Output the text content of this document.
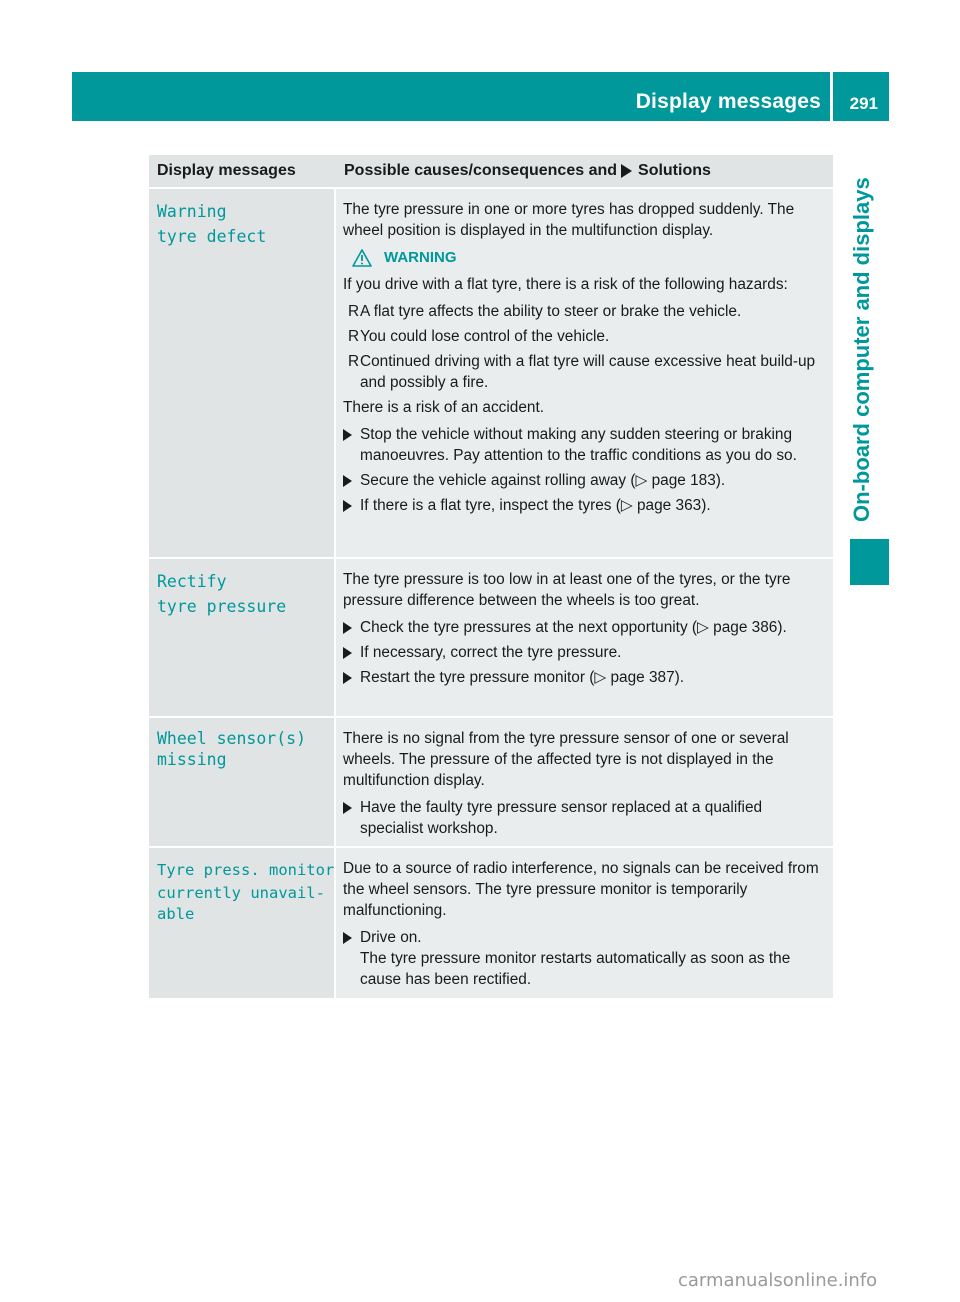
Display messages 291
On-board computer and displays
Display messages	Possible causes/consequences and Solutions
Warning
tyre defect
The tyre pressure in one or more tyres has dropped suddenly. The wheel position is displayed in the multifunction display.
WARNING
If you drive with a flat tyre, there is a risk of the following hazards:
R A flat tyre affects the ability to steer or brake the vehicle.
R You could lose control of the vehicle.
R Continued driving with a flat tyre will cause excessive heat build-up and possibly a fire.
There is a risk of an accident.
Stop the vehicle without making any sudden steering or braking manoeuvres. Pay attention to the traffic conditions as you do so.
Secure the vehicle against rolling away (▷ page 183).
If there is a flat tyre, inspect the tyres (▷ page 363).
Rectify
tyre pressure
The tyre pressure is too low in at least one of the tyres, or the tyre pressure difference between the wheels is too great.
Check the tyre pressures at the next opportunity (▷ page 386).
If necessary, correct the tyre pressure.
Restart the tyre pressure monitor (▷ page 387).
Wheel sensor(s)
missing
There is no signal from the tyre pressure sensor of one or several wheels. The pressure of the affected tyre is not displayed in the multifunction display.
Have the faulty tyre pressure sensor replaced at a qualified specialist workshop.
Tyre press. monitor
currently unavail‐
able
Due to a source of radio interference, no signals can be received from the wheel sensors. The tyre pressure monitor is temporarily malfunctioning.
Drive on.
The tyre pressure monitor restarts automatically as soon as the cause has been rectified.
carmanualsonline.info
